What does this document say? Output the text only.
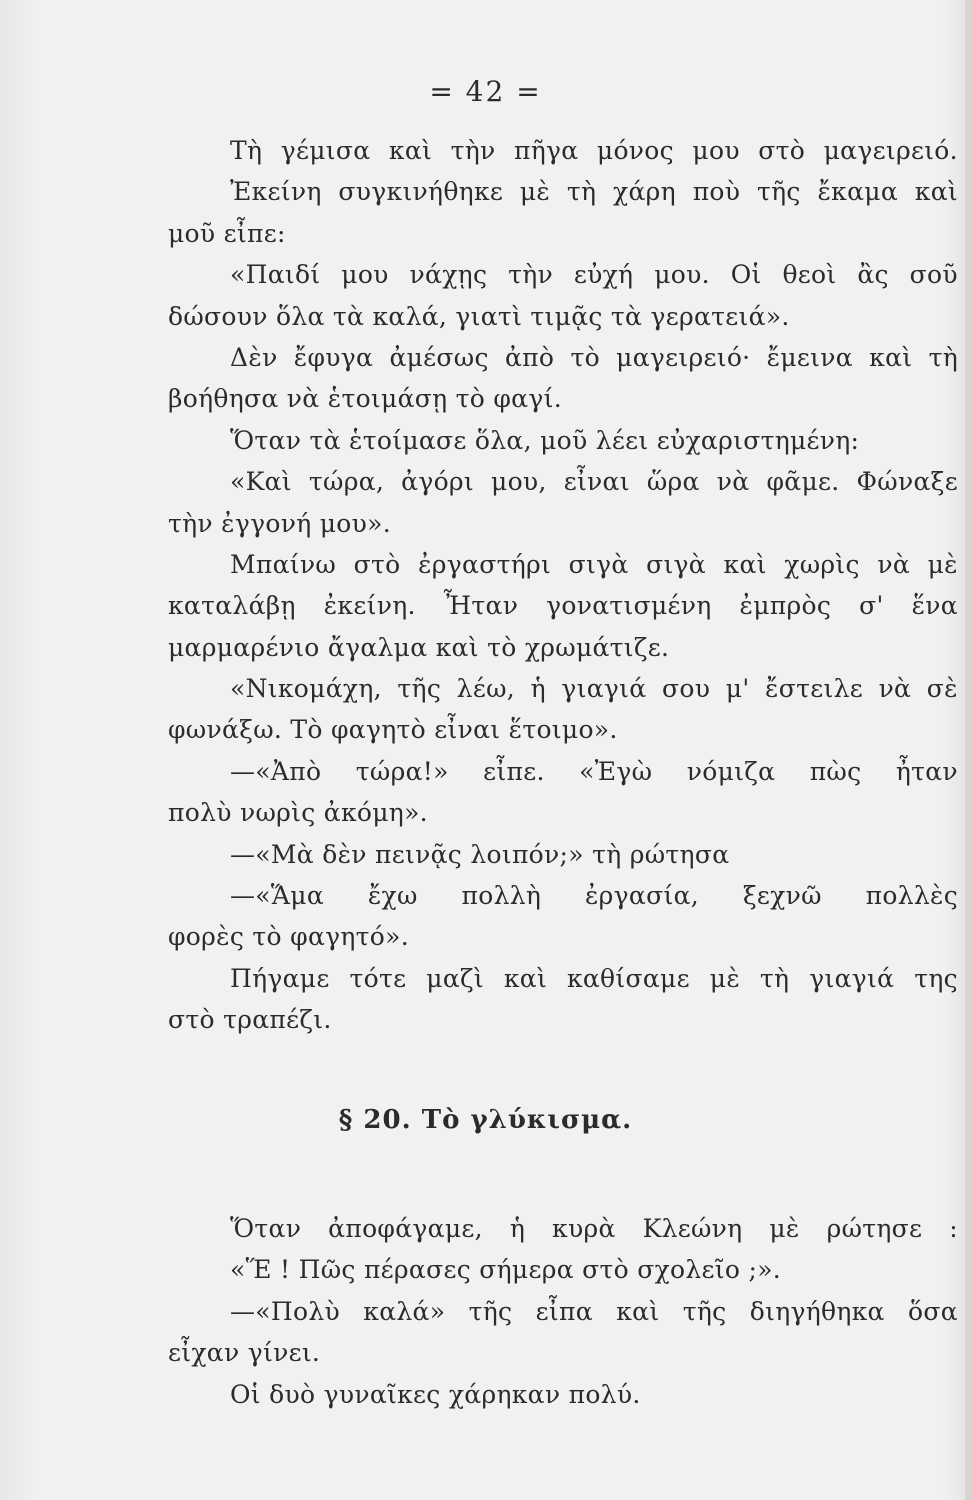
= 42 =
Τὴ γέμισα καὶ τὴν πῆγα μόνος μου στὸ μαγειρειό.
Ἐκείνη συγκινήθηκε μὲ τὴ χάρη ποὺ τῆς ἔκαμα καὶ
μοῦ εἶπε:
«Παιδί μου νάχῃς τὴν εὐχή μου. Οἱ θεοὶ ἂς σοῦ
δώσουν ὅλα τὰ καλά, γιατὶ τιμᾷς τὰ γερατειά».
Δὲν ἔφυγα ἀμέσως ἀπὸ τὸ μαγειρειό· ἔμεινα καὶ τὴ
βοήθησα νὰ ἑτοιμάσῃ τὸ φαγί.
Ὅταν τὰ ἑτοίμασε ὅλα, μοῦ λέει εὐχαριστημένη:
«Καὶ τώρα, ἀγόρι μου, εἶναι ὥρα νὰ φᾶμε. Φώναξε
τὴν ἐγγονή μου».
Μπαίνω στὸ ἐργαστήρι σιγὰ σιγὰ καὶ χωρὶς νὰ μὲ
καταλάβῃ ἐκείνη. Ἦταν γονατισμένη ἐμπρὸς σ' ἕνα
μαρμαρένιο ἄγαλμα καὶ τὸ χρωμάτιζε.
«Νικομάχη, τῆς λέω, ἡ γιαγιά σου μ' ἔστειλε νὰ σὲ
φωνάξω. Τὸ φαγητὸ εἶναι ἕτοιμο».
—«Ἀπὸ τώρα!» εἶπε. «Ἐγὼ νόμιζα πὼς ἦταν
πολὺ νωρὶς ἀκόμη».
—«Μὰ δὲν πεινᾷς λοιπόν;» τὴ ρώτησα
—«Ἅμα ἔχω πολλὴ ἐργασία, ξεχνῶ πολλὲς
φορὲς τὸ φαγητό».
Πήγαμε τότε μαζὶ καὶ καθίσαμε μὲ τὴ γιαγιά της
στὸ τραπέζι.
§ 20. Τὸ γλύκισμα.
Ὅταν ἀποφάγαμε, ἡ κυρὰ Κλεώνη μὲ ρώτησε :
«Ἕ ! Πῶς πέρασες σήμερα στὸ σχολεῖο ;».
—«Πολὺ καλά» τῆς εἶπα καὶ τῆς διηγήθηκα ὅσα
εἶχαν γίνει.
Οἱ δυὸ γυναῖκες χάρηκαν πολύ.
